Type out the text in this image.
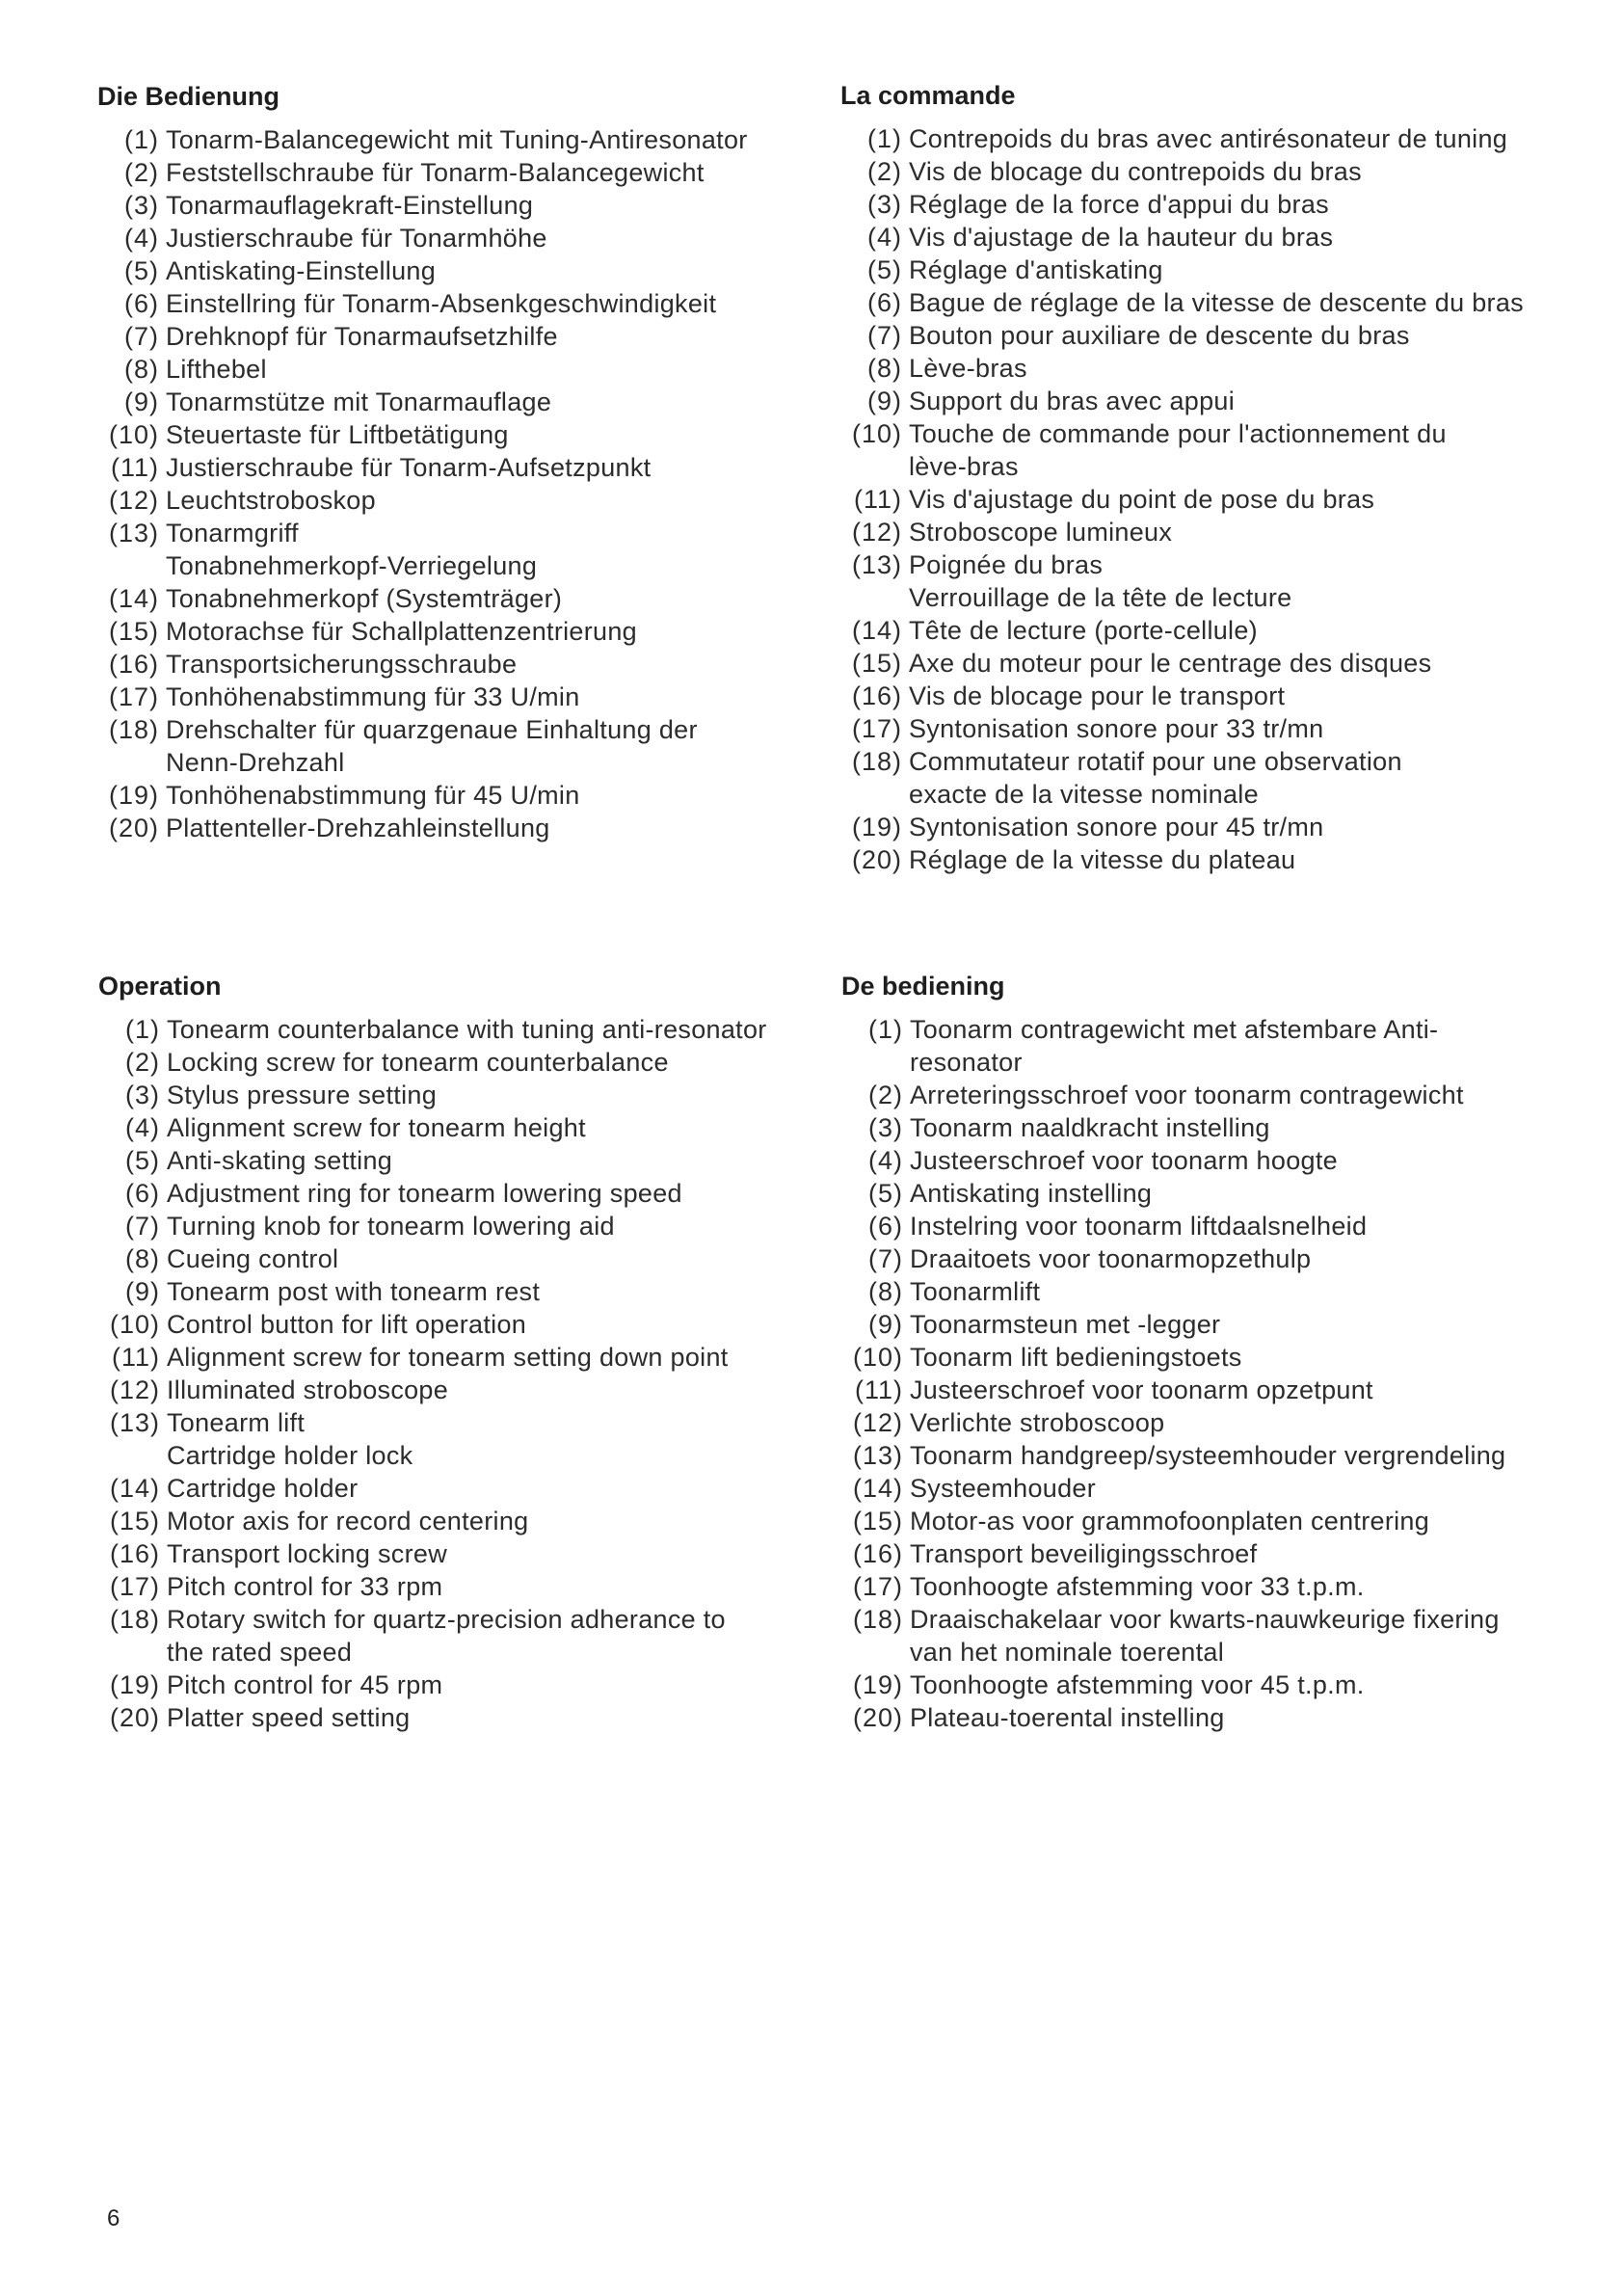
Die Bedienung
(1) Tonarm-Balancegewicht mit Tuning-Antiresonator
(2) Feststellschraube für Tonarm-Balancegewicht
(3) Tonarmauflagekraft-Einstellung
(4) Justierschraube für Tonarmhöhe
(5) Antiskating-Einstellung
(6) Einstellring für Tonarm-Absenkgeschwindigkeit
(7) Drehknopf für Tonarmaufsetzhilfe
(8) Lifthebel
(9) Tonarmstütze mit Tonarmauflage
(10) Steuertaste für Liftbetätigung
(11) Justierschraube für Tonarm-Aufsetzpunkt
(12) Leuchtstroboskop
(13) Tonarmgriff
Tonabnehmerkopf-Verriegelung
(14) Tonabnehmerkopf (Systemträger)
(15) Motorachse für Schallplattenzentrierung
(16) Transportsicherungsschraube
(17) Tonhöhenabstimmung für 33 U/min
(18) Drehschalter für quarzgenaue Einhaltung der
Nenn-Drehzahl
(19) Tonhöhenabstimmung für 45 U/min
(20) Plattenteller-Drehzahleinstellung
La commande
(1) Contrepoids du bras avec antirésonateur de tuning
(2) Vis de blocage du contrepoids du bras
(3) Réglage de la force d'appui du bras
(4) Vis d'ajustage de la hauteur du bras
(5) Réglage d'antiskating
(6) Bague de réglage de la vitesse de descente du bras
(7) Bouton pour auxiliare de descente du bras
(8) Lève-bras
(9) Support du bras avec appui
(10) Touche de commande pour l'actionnement du
lève-bras
(11) Vis d'ajustage du point de pose du bras
(12) Stroboscope lumineux
(13) Poignée du bras
Verrouillage de la tête de lecture
(14) Tête de lecture (porte-cellule)
(15) Axe du moteur pour le centrage des disques
(16) Vis de blocage pour le transport
(17) Syntonisation sonore pour 33 tr/mn
(18) Commutateur rotatif pour une observation
exacte de la vitesse nominale
(19) Syntonisation sonore pour 45 tr/mn
(20) Réglage de la vitesse du plateau
Operation
(1) Tonearm counterbalance with tuning anti-resonator
(2) Locking screw for tonearm counterbalance
(3) Stylus pressure setting
(4) Alignment screw for tonearm height
(5) Anti-skating setting
(6) Adjustment ring for tonearm lowering speed
(7) Turning knob for tonearm lowering aid
(8) Cueing control
(9) Tonearm post with tonearm rest
(10) Control button for lift operation
(11) Alignment screw for tonearm setting down point
(12) Illuminated stroboscope
(13) Tonearm lift
Cartridge holder lock
(14) Cartridge holder
(15) Motor axis for record centering
(16) Transport locking screw
(17) Pitch control for 33 rpm
(18) Rotary switch for quartz-precision adherance to
the rated speed
(19) Pitch control for 45 rpm
(20) Platter speed setting
De bediening
(1) Toonarm contragewicht met afstembare Anti-
resonator
(2) Arreteringsschroef voor toonarm contragewicht
(3) Toonarm naaldkracht instelling
(4) Justeerschroef voor toonarm hoogte
(5) Antiskating instelling
(6) Instelring voor toonarm liftdaalsnelheid
(7) Draaitoets voor toonarmopzethulp
(8) Toonarmlift
(9) Toonarmsteun met -legger
(10) Toonarm lift bedieningstoets
(11) Justeerschroef voor toonarm opzetpunt
(12) Verlichte stroboscoop
(13) Toonarm handgreep/systeemhouder vergrendeling
(14) Systeemhouder
(15) Motor-as voor grammofoonplaten centrering
(16) Transport beveiligingsschroef
(17) Toonhoogte afstemming voor 33 t.p.m.
(18) Draaischakelaar voor kwarts-nauwkeurige fixering
van het nominale toerental
(19) Toonhoogte afstemming voor 45 t.p.m.
(20) Plateau-toerental instelling
6
